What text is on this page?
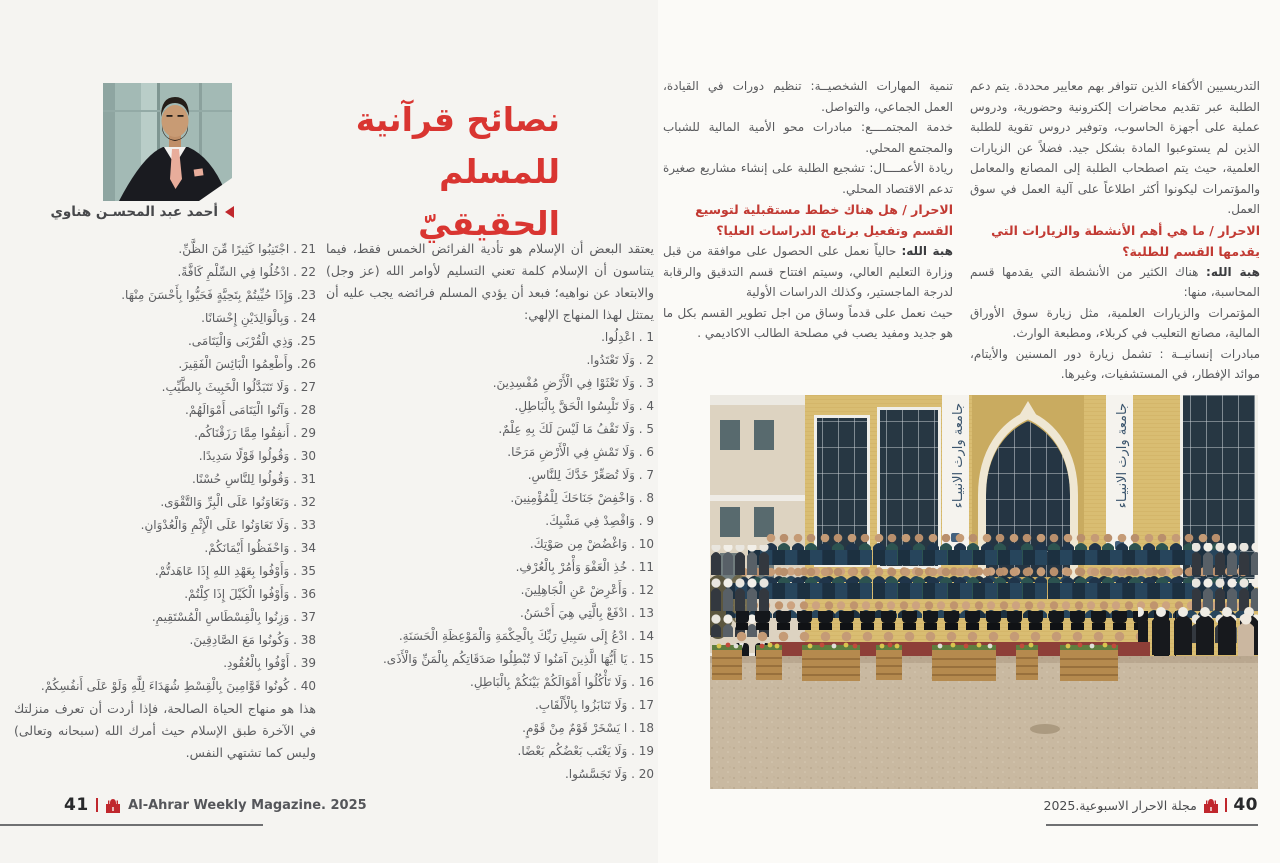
نصائح قرآنية
للمسلم الحقيقيّ
أحمد عبد المحسـن هناوي

يعتقد البعض أن الإسلام هو تأدية الفرائض الخمس فقط، فيما يتناسون أن الإسلام كلمة تعني التسليم لأوامر الله (عز وجل) والابتعاد عن نواهيه؛ فبعد أن يؤدي المسلم فرائضه يجب عليه أن يمتثل لهذا المنهاج الإلهي:

1 . اعْدِلُوا.
2 . وَلَا تَعْتَدُوا.
3 . وَلَا تَعْثَوْا فِي الْأَرْضِ مُفْسِدِينَ.
4 . وَلَا تَلْبِسُوا الْحَقَّ بِالْبَاطِلِ.
5 . وَلَا تَقْفُ مَا لَيْسَ لَكَ بِهِ عِلْمٌ.
6 . وَلَا تَمْشِ فِي الْأَرْضِ مَرَحًا.
7 . وَلَا تُصَعِّرْ خَدَّكَ لِلنَّاسِ.
8 . وَاخْفِضْ جَنَاحَكَ لِلْمُؤْمِنِينَ.
9 . وَاقْصِدْ فِي مَشْيِكَ.
10 . وَاغْضُضْ مِن صَوْتِكَ.
11 . خُذِ الْعَفْوَ وَأْمُرْ بِالْعُرْفِ.
12 . وَأَعْرِضْ عَنِ الْجَاهِلِينَ.
13 . ادْفَعْ بِالَّتِي هِيَ أَحْسَنُ.
14 . ادْعُ إِلَى سَبِيلِ رَبِّكَ بِالْحِكْمَةِ وَالْمَوْعِظَةِ الْحَسَنَةِ.
15 . يَا أَيُّهَا الَّذِينَ آمَنُوا لَا تُبْطِلُوا صَدَقَاتِكُم بِالْمَنِّ وَالْأَذَى.
16 . وَلَا تَأْكُلُوا أَمْوَالَكُمْ بَيْنَكُمْ بِالْبَاطِلِ.
17 . وَلَا تَنَابَزُوا بِالْأَلْقَابِ.
18 . ا يَسْخَرْ قَوْمٌ مِنْ قَوْمٍ.
19 . وَلَا يَغْتَب بَعْضُكُم بَعْضًا.
20 . وَلَا تَجَسَّسُوا.
21 . اجْتَنِبُوا كَثِيرًا مِّنَ الظَّنِّ.
22 . ادْخُلُوا فِي السِّلْمِ كَافَّةً.
23. وَإِذَا حُيِّيتُمْ بِتَحِيَّةٍ فَحَيُّوا بِأَحْسَنَ مِنْهَا.
24 . وَبِالْوَالِدَيْنِ إِحْسَانًا.
25. وَذِي الْقُرْبَى وَالْيَتَامَى.
26. وأَطْعِمُوا الْبَائِسَ الْفَقِيرَ.
27 . وَلَا تَتَبَدَّلُوا الْخَبِيثَ بِالطَّيِّبِ.
28 . وَآتُوا الْيَتَامَى أَمْوَالَهُمْ.
29 . أَنفِقُوا مِمَّا رَزَقْنَاكُم.
30 . وَقُولُوا قَوْلًا سَدِيدًا.
31 . وَقُولُوا لِلنَّاسِ حُسْنًا.
32 . وَتَعَاوَنُوا عَلَى الْبِرِّ وَالتَّقْوَى.
33 . وَلَا تَعَاوَنُوا عَلَى الْإِثْمِ وَالْعُدْوَانِ.
34 . وَاحْفَظُوا أَيْمَانَكُمْ.
35 . وَأَوْفُوا بِعَهْدِ اللهِ إِذَا عَاهَدتُّمْ.
36 . وَأَوْفُوا الْكَيْلَ إِذَا كِلْتُمْ.
37 . وَزِنُوا بِالْقِسْطَاسِ الْمُسْتَقِيمِ.
38 . وَكُونُوا مَعَ الصَّادِقِينَ.
39 . أَوْفُوا بِالْعُقُودِ.
40 . كُونُوا قَوَّامِينَ بِالْقِسْطِ شُهَدَاءَ لِلَّهِ وَلَوْ عَلَى أَنفُسِكُمْ.

هذا هو منهاج الحياة الصالحة، فإذا أردت أن تعرف منزلتك في الآخرة طبق الإسلام حيث أمرك الله (سبحانه وتعالى) وليس كما تشتهي النفس.

41	Al-Ahrar Weekly Magazine. 2025

التدريسيين الأكفاء الذين تتوافر بهم معايير محددة. يتم دعم الطلبة عبر تقديم محاضرات إلكترونية وحضورية، ودروس عملية على أجهزة الحاسوب، وتوفير دروس تقوية للطلبة الذين لم يستوعبوا المادة بشكل جيد. فضلاً عن الزيارات العلمية، حيث يتم اصطحاب الطلبة إلى المصانع والمعامل والمؤتمرات ليكونوا أكثر اطلاعاً على آلية العمل في سوق العمل.

الاحرار / ما هي أهم الأنشطة والزيارات التي يقدمها القسم للطلبة؟

هبة الله: هناك الكثير من الأنشطة التي يقدمها قسم المحاسبة، منها:

المؤتمرات والزيارات العلمية، مثل زيارة سوق الأوراق المالية، مصانع التعليب في كربلاء، ومطبعة الوارث.

مبادرات إنسانيــة : تشمل زيارة دور المسنين والأيتام، موائد الإفطار، في المستشفيات، وغيرها.

تنمية المهارات الشخصيــة: تنظيم دورات في القيادة، العمل الجماعي، والتواصل.

خدمة المجتمــــع: مبادرات محو الأمية المالية للشباب والمجتمع المحلي.

ريادة الأعمــــال: تشجيع الطلبة على إنشاء مشاريع صغيرة تدعم الاقتصاد المحلي.

الاحرار / هل هناك خطط مستقبلية لتوسيع القسم وتفعيل برنامج الدراسات العليا؟

هبة الله: حالياً نعمل على الحصول على موافقة من قبل وزارة التعليم العالي، وسيتم افتتاح قسم التدقيق والرقابة لدرجة الماجستير، وكذلك الدراسات الأولية

حيث نعمل على قدماً وساق من اجل تطوير القسم بكل ما هو جديد ومفيد يصب في مصلحة الطالب الاكاديمي .

جامعة وارث الانبيـاء	جامعة وارث الانبيـاء
40
مجلة الاحرار الاسبوعية.2025
